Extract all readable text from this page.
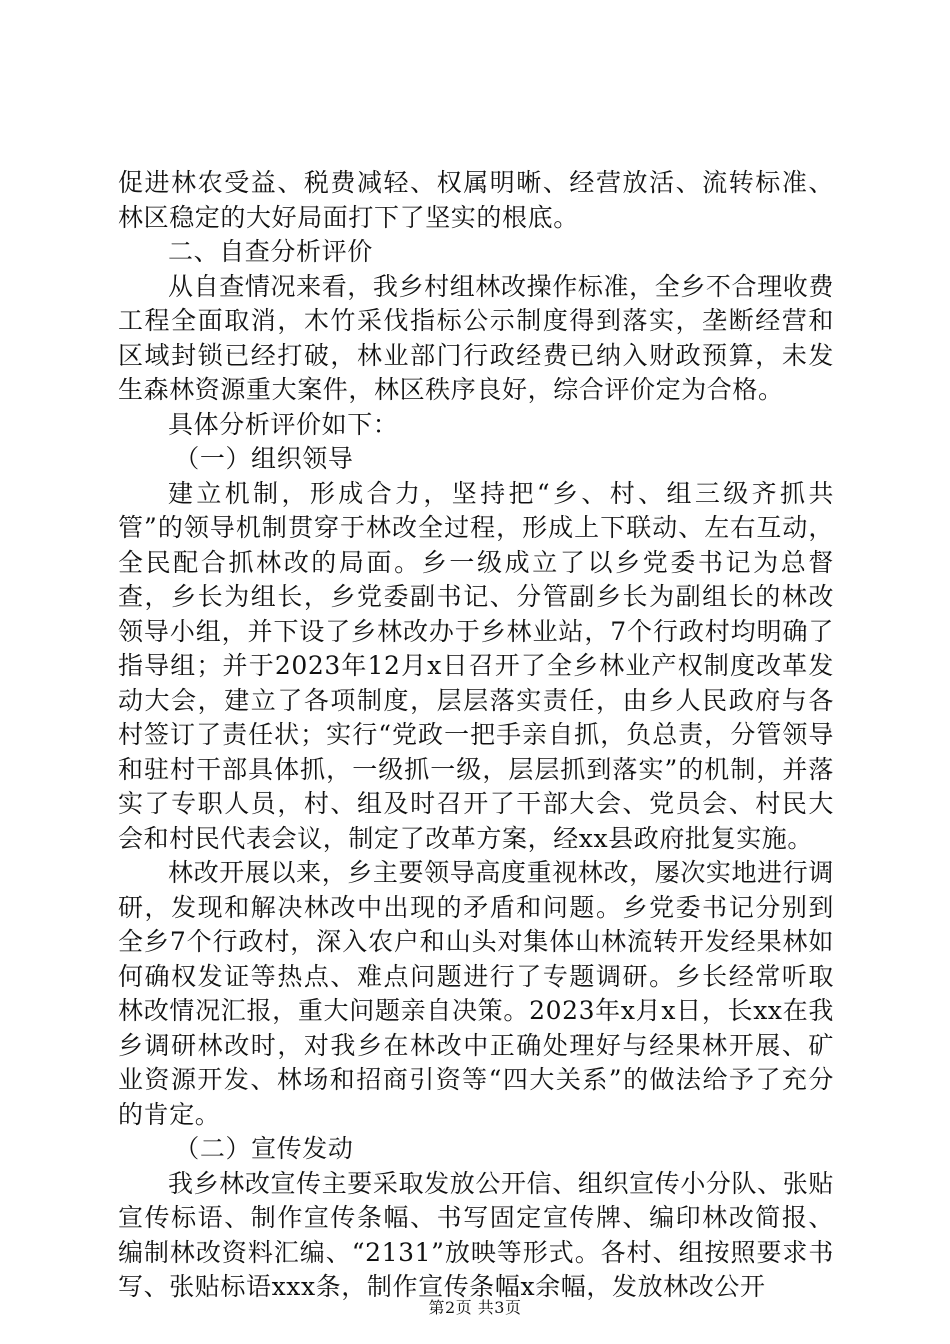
促进林农受益、税费减轻、权属明晰、经营放活、流转标准、林区稳定的大好局面打下了坚实的根底。

二、自查分析评价

从自查情况来看，我乡村组林改操作标准，全乡不合理收费工程全面取消，木竹采伐指标公示制度得到落实，垄断经营和区域封锁已经打破，林业部门行政经费已纳入财政预算，未发生森林资源重大案件，林区秩序良好，综合评价定为合格。

具体分析评价如下：

（一）组织领导

建立机制，形成合力，坚持把“乡、村、组三级齐抓共管”的领导机制贯穿于林改全过程，形成上下联动、左右互动，全民配合抓林改的局面。乡一级成立了以乡党委书记为总督查，乡长为组长，乡党委副书记、分管副乡长为副组长的林改领导小组，并下设了乡林改办于乡林业站，7个行政村均明确了指导组；并于2023年12月x日召开了全乡林业产权制度改革发动大会，建立了各项制度，层层落实责任，由乡人民政府与各村签订了责任状；实行“党政一把手亲自抓，负总责，分管领导和驻村干部具体抓，一级抓一级，层层抓到落实”的机制，并落实了专职人员，村、组及时召开了干部大会、党员会、村民大会和村民代表会议，制定了改革方案，经xx县政府批复实施。

林改开展以来，乡主要领导高度重视林改，屡次实地进行调研，发现和解决林改中出现的矛盾和问题。乡党委书记分别到全乡7个行政村，深入农户和山头对集体山林流转开发经果林如何确权发证等热点、难点问题进行了专题调研。乡长经常听取林改情况汇报，重大问题亲自决策。2023年x月x日，长xx在我乡调研林改时，对我乡在林改中正确处理好与经果林开展、矿业资源开发、林场和招商引资等“四大关系”的做法给予了充分的肯定。

（二）宣传发动

我乡林改宣传主要采取发放公开信、组织宣传小分队、张贴宣传标语、制作宣传条幅、书写固定宣传牌、编印林改简报、编制林改资料汇编、“2131”放映等形式。各村、组按照要求书写、张贴标语xxx条，制作宣传条幅x余幅，发放林改公开

第2页 共3页
